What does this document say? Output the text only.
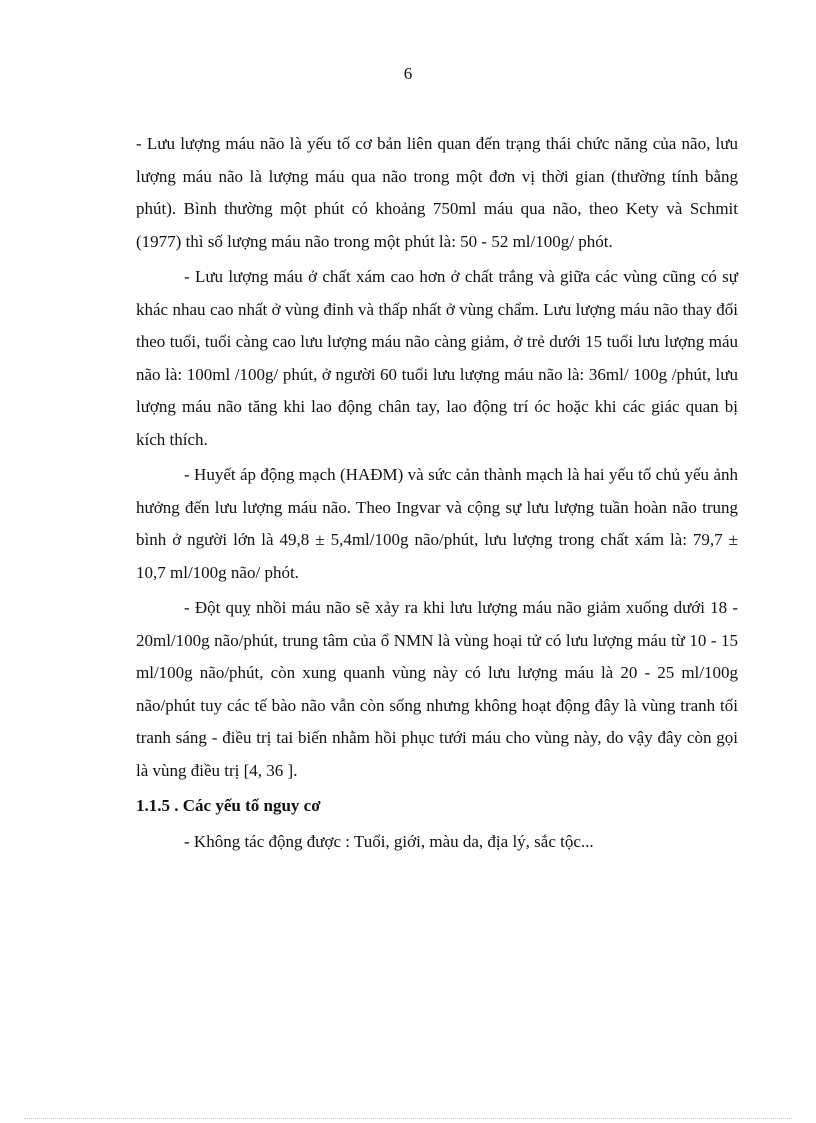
6

- Lưu lượng máu não là yếu tố cơ bản liên quan đến trạng thái chức năng của não, lưu lượng máu não là lượng máu qua não trong một đơn vị thời gian (thường tính bằng phút). Bình thường một phút có khoảng 750ml máu qua não, theo Kety và Schmit (1977) thì số lượng máu não trong một phút là: 50 - 52 ml/100g/ phót.

- Lưu lượng máu ở chất xám cao hơn ở chất trắng và giữa các vùng cũng có sự khác nhau cao nhất ở vùng đỉnh và thấp nhất ở vùng chẩm. Lưu lượng máu não thay đổi theo tuổi, tuổi càng cao lưu lượng máu não càng giảm, ở trẻ dưới 15 tuổi lưu lượng máu não là: 100ml /100g/ phút, ở người 60 tuổi lưu lượng máu não là: 36ml/ 100g /phút, lưu lượng máu não tăng khi lao động chân tay, lao động trí óc hoặc khi các giác quan bị kích thích.

- Huyết áp động mạch (HAĐM) và sức cản thành mạch là hai yếu tố chủ yếu ảnh hưởng đến lưu lượng máu não. Theo Ingvar và cộng sự lưu lượng tuần hoàn não trung bình ở người lớn là 49,8 ± 5,4ml/100g não/phút, lưu lượng trong chất xám là: 79,7 ± 10,7 ml/100g não/ phót.

- Đột quỵ nhồi máu não sẽ xảy ra khi lưu lượng máu não giảm xuống dưới 18 - 20ml/100g não/phút, trung tâm của ổ NMN là vùng hoại tử có lưu lượng máu từ 10 - 15 ml/100g não/phút, còn xung quanh vùng này có lưu lượng máu là 20 - 25 ml/100g não/phút tuy các tế bào não vẫn còn sống nhưng không hoạt động đây là vùng tranh tối tranh sáng - điều trị tai biến nhằm hồi phục tưới máu cho vùng này, do vậy đây còn gọi là vùng điều trị [4, 36 ].

1.1.5 . Các yếu tố nguy cơ

- Không tác động được : Tuổi, giới, màu da, địa lý, sắc tộc...
